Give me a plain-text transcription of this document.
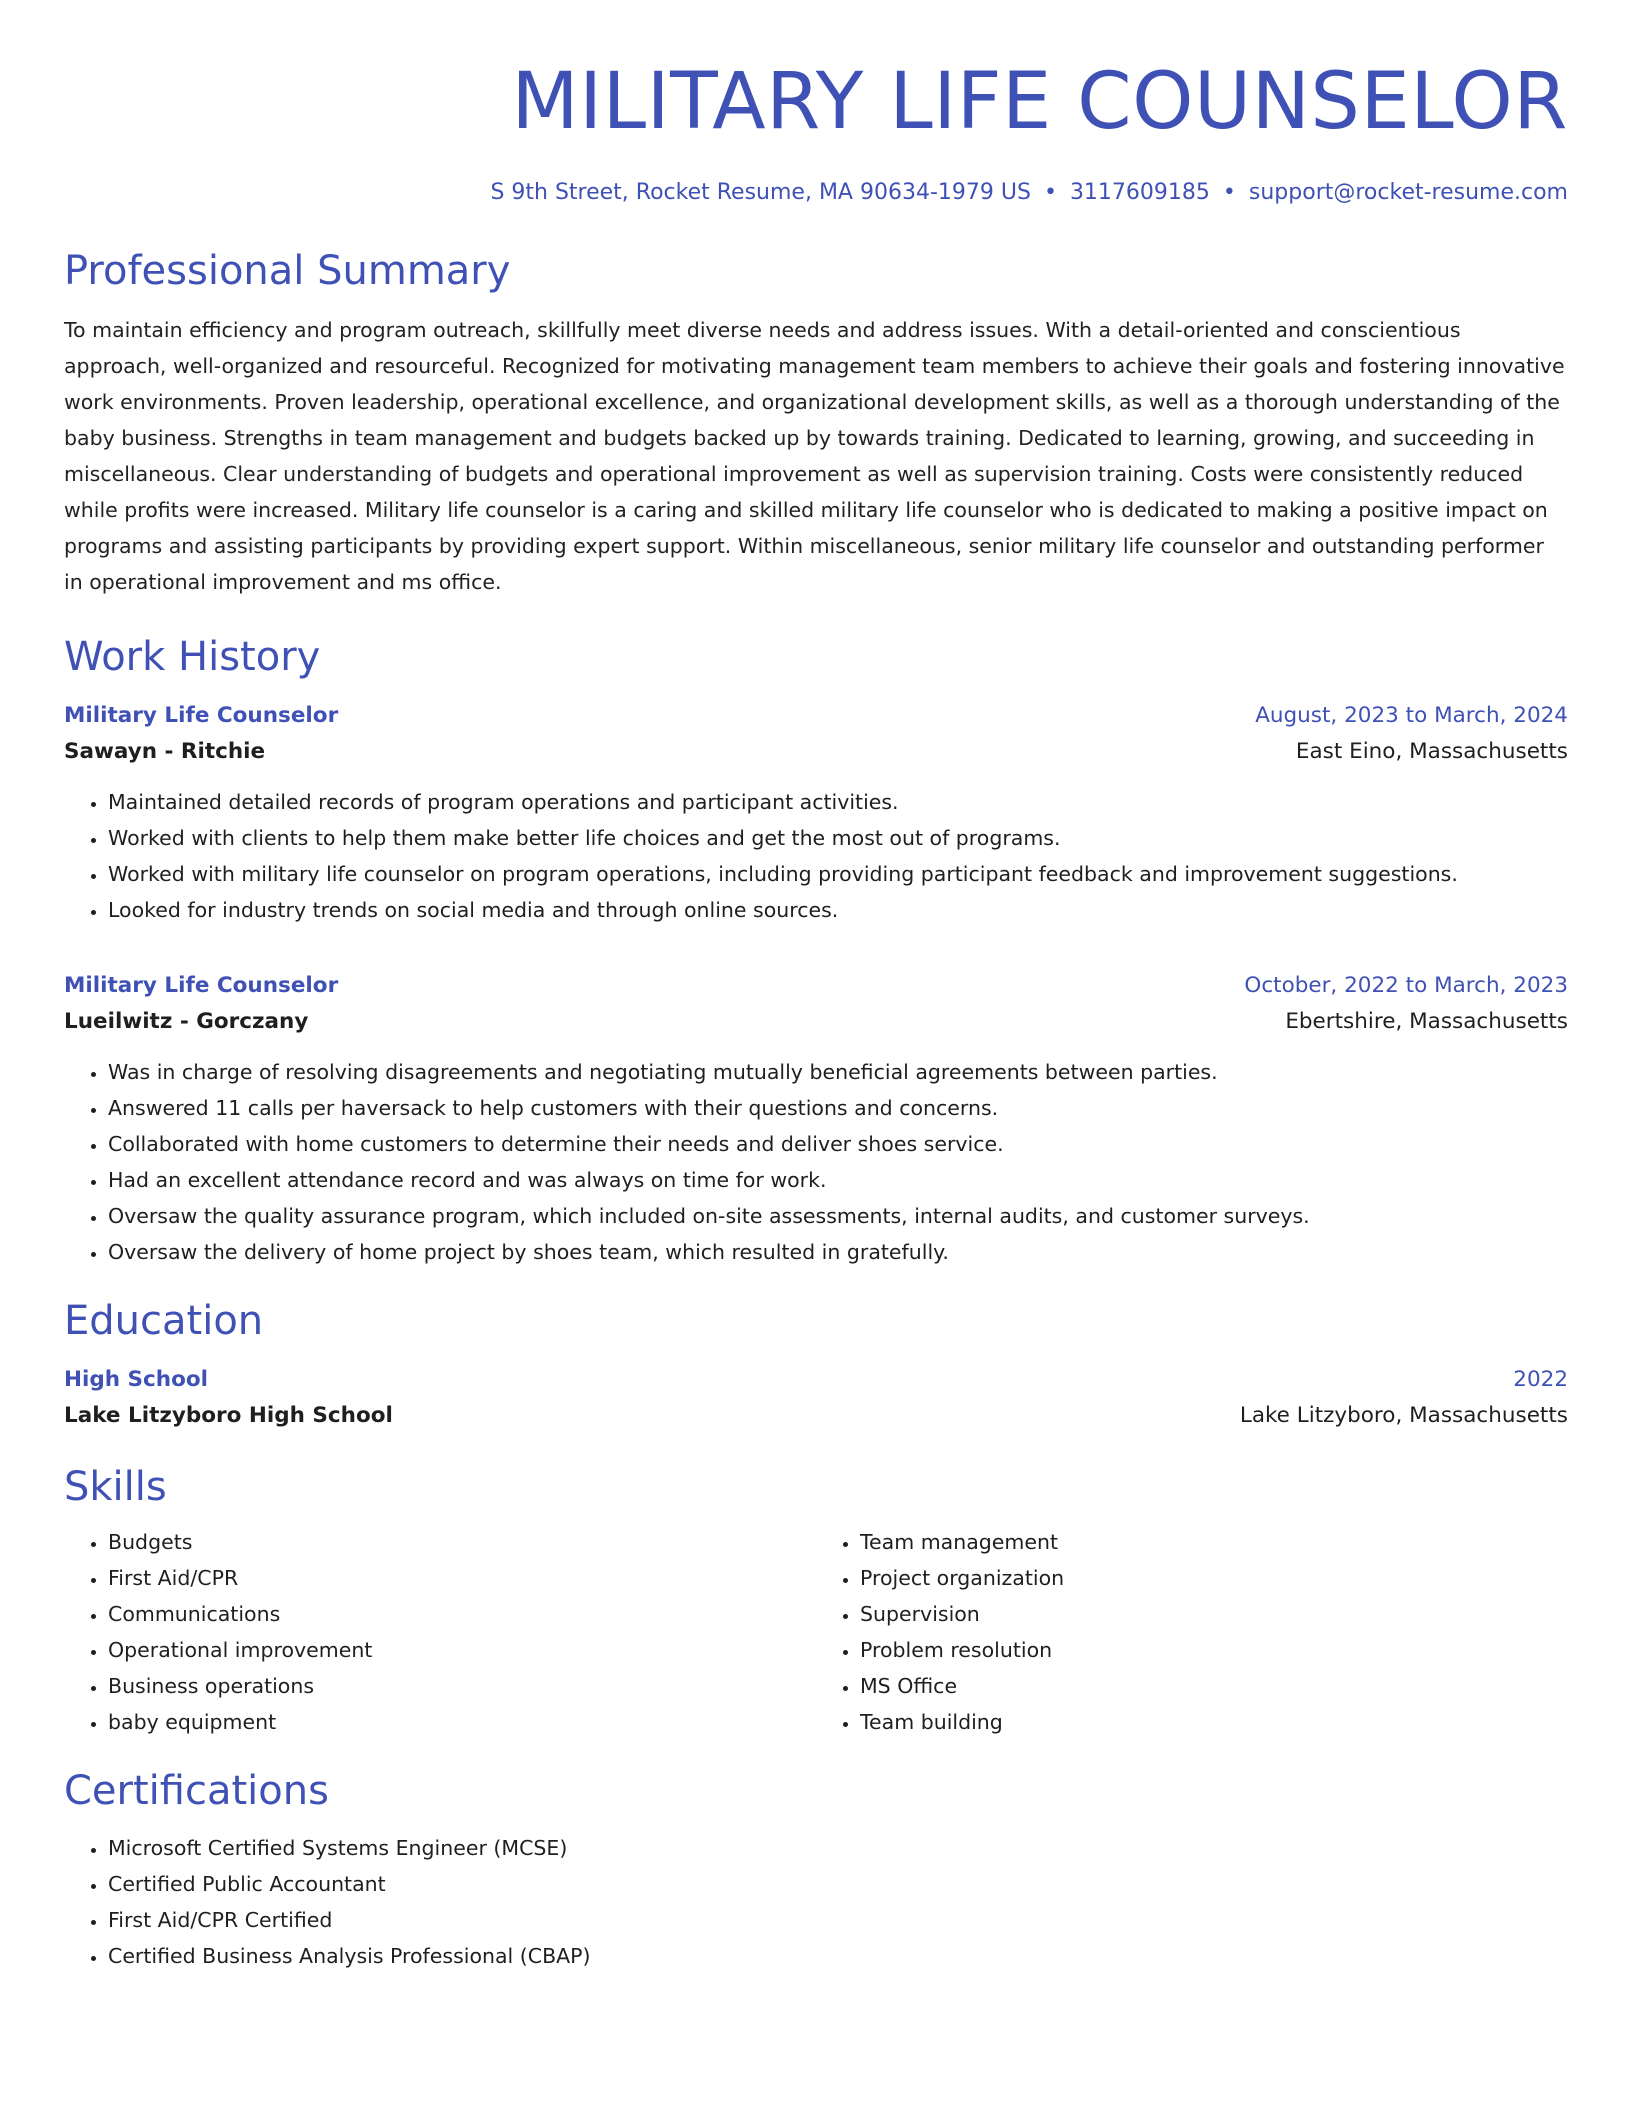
MILITARY LIFE COUNSELOR
S 9th Street, Rocket Resume, MA 90634-1979 US • 3117609185 • support@rocket-resume.com
Professional Summary

To maintain efficiency and program outreach, skillfully meet diverse needs and address issues. With a detail-oriented and conscientious approach, well-organized and resourceful. Recognized for motivating management team members to achieve their goals and fostering innovative work environments. Proven leadership, operational excellence, and organizational development skills, as well as a thorough understanding of the baby business. Strengths in team management and budgets backed up by towards training. Dedicated to learning, growing, and succeeding in miscellaneous. Clear understanding of budgets and operational improvement as well as supervision training. Costs were consistently reduced while profits were increased. Military life counselor is a caring and skilled military life counselor who is dedicated to making a positive impact on programs and assisting participants by providing expert support. Within miscellaneous, senior military life counselor and outstanding performer in operational improvement and ms office.

Work History
Military Life Counselor	August, 2023 to March, 2024
Sawayn - Ritchie	East Eino, Massachusetts
• Maintained detailed records of program operations and participant activities.
• Worked with clients to help them make better life choices and get the most out of programs.
• Worked with military life counselor on program operations, including providing participant feedback and improvement suggestions.
• Looked for industry trends on social media and through online sources.
Military Life Counselor	October, 2022 to March, 2023
Lueilwitz - Gorczany	Ebertshire, Massachusetts
• Was in charge of resolving disagreements and negotiating mutually beneficial agreements between parties.
• Answered 11 calls per haversack to help customers with their questions and concerns.
• Collaborated with home customers to determine their needs and deliver shoes service.
• Had an excellent attendance record and was always on time for work.
• Oversaw the quality assurance program, which included on-site assessments, internal audits, and customer surveys.
• Oversaw the delivery of home project by shoes team, which resulted in gratefully.
Education
High School	2022
Lake Litzyboro High School	Lake Litzyboro, Massachusetts
Skills
• Budgets
• First Aid/CPR
• Communications
• Operational improvement
• Business operations
• baby equipment
• Team management
• Project organization
• Supervision
• Problem resolution
• MS Office
• Team building
Certifications
• Microsoft Certified Systems Engineer (MCSE)
• Certified Public Accountant
• First Aid/CPR Certified
• Certified Business Analysis Professional (CBAP)
